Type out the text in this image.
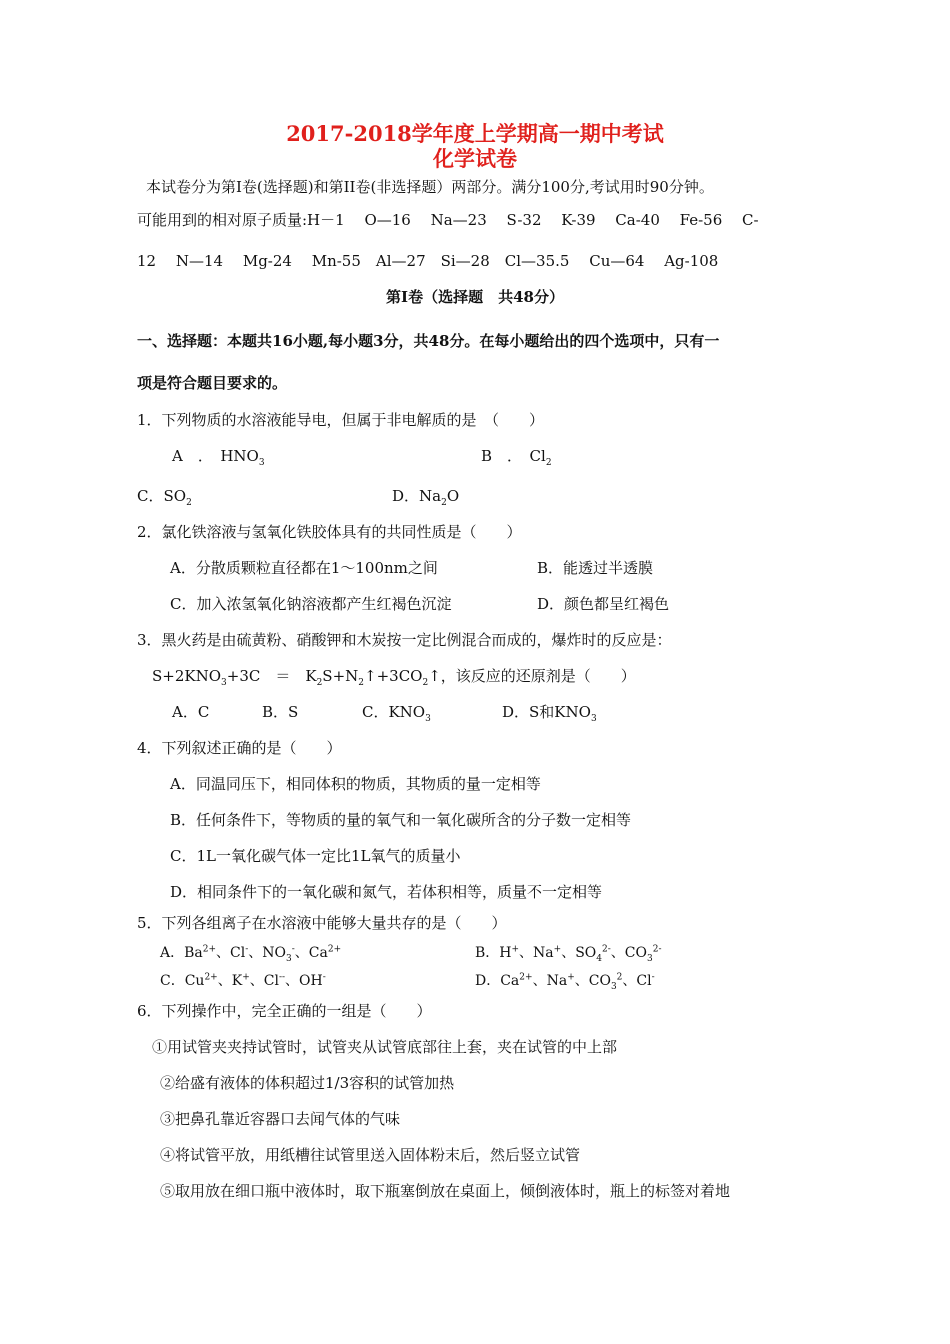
2017-2018学年度上学期高一期中考试
化学试卷
本试卷分为第Ⅰ卷(选择题)和第II卷(非选择题）两部分。满分100分,考试用时90分钟。
可能用到的相对原子质量:H－1　 O—16　 Na—23　 S-32　 K-39　 Ca-40　 Fe-56　 C-
12　 N—14　 Mg-24　 Mn-55　Al—27　Si—28　Cl—35.5　 Cu—64　 Ag-108
第Ⅰ卷（选择题　共48分）
一、选择题：本题共16小题,每小题3分，共48分。在每小题给出的四个选项中，只有一
项是符合题目要求的。
1．下列物质的水溶液能导电，但属于非电解质的是　（　　）
A　．　$HNO_3$	B　．　$Cl_2$
C．$SO_2$	D．$Na_2O$
2．氯化铁溶液与氢氧化铁胶体具有的共同性质是（　　）
A．分散质颗粒直径都在1～100nm之间	B．能透过半透膜
C．加入浓氢氧化钠溶液都产生红褐色沉淀	D．颜色都呈红褐色
3．黑火药是由硫黄粉、硝酸钾和木炭按一定比例混合而成的，爆炸时的反应是：
$S+2KNO_3+3C$　＝　$K_2S+N_2↑+3CO_2↑$，该反应的还原剂是（　　）
A．C	B．S	C．$KNO_3$	D．S和$KNO_3$
4．下列叙述正确的是（　　）
A．同温同压下，相同体积的物质，其物质的量一定相等
B．任何条件下，等物质的量的氧气和一氧化碳所含的分子数一定相等
C．1L一氧化碳气体一定比1L氧气的质量小
D．相同条件下的一氧化碳和氮气，若体积相等，质量不一定相等
5．下列各组离子在水溶液中能够大量共存的是（　　）
A．$Ba^{2+}$、Cl-、$NO_3^-$、$Ca^{2+}$	B．H+、Na+、$SO_4^{2-}$、$CO_3^{2-}$
C．$Cu^{2+}$、K+、Cl--、OH-	D．$Ca^{2+}$、Na+、$CO_3^2$、Cl-
6．下列操作中，完全正确的一组是（　　）
①用试管夹夹持试管时，试管夹从试管底部往上套，夹在试管的中上部
②给盛有液体的体积超过1/3容积的试管加热
③把鼻孔靠近容器口去闻气体的气味
④将试管平放，用纸槽往试管里送入固体粉末后，然后竖立试管
⑤取用放在细口瓶中液体时，取下瓶塞倒放在桌面上，倾倒液体时，瓶上的标签对着地
